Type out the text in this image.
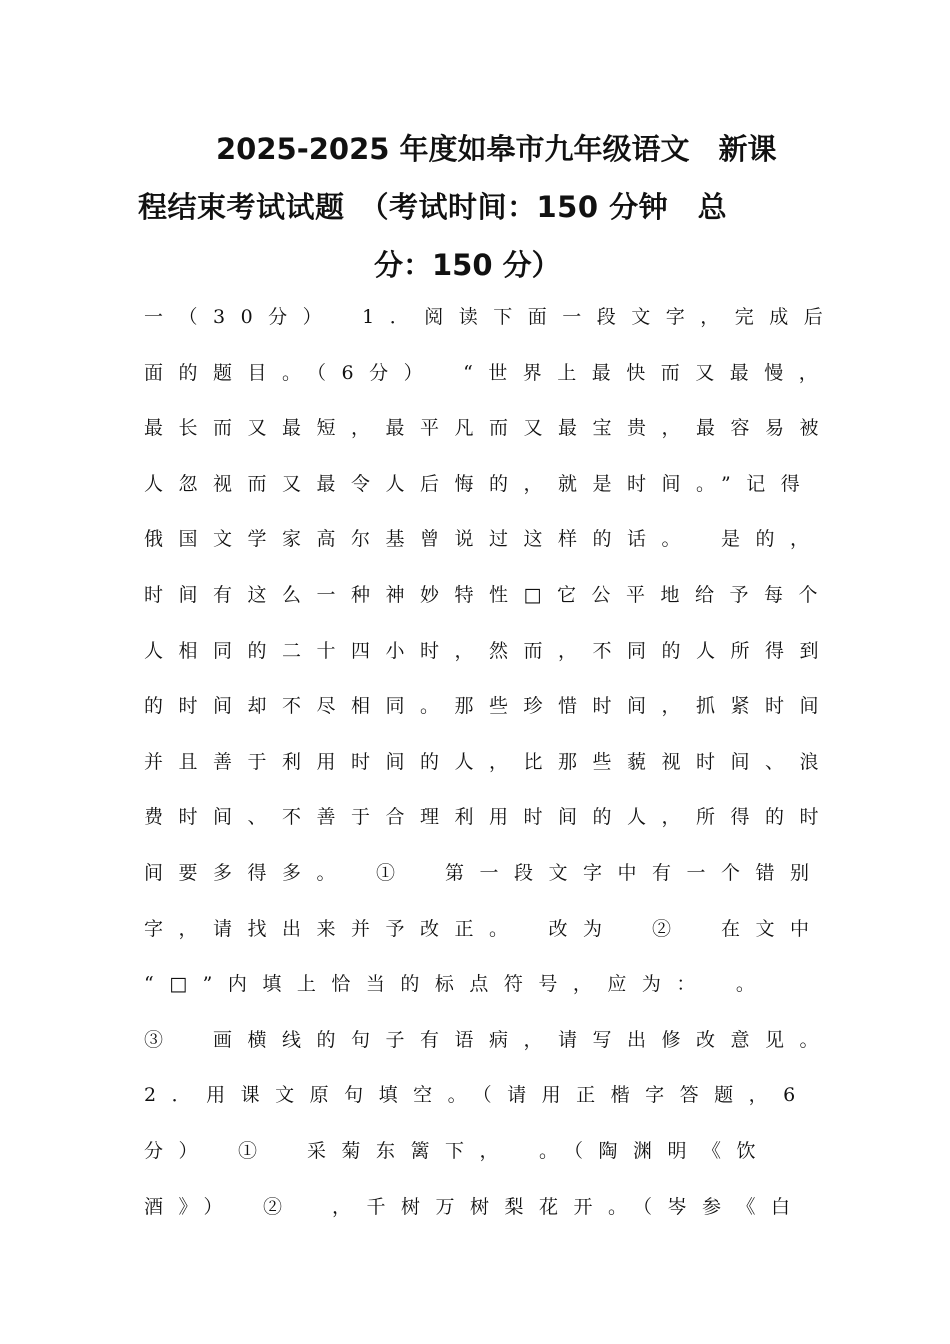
2025-2025 年度如皋市九年级语文　新课
程结束考试试题　（考试时间：150 分钟　总
分：150 分）
一（30分）　1．阅读下面一段文字，完成后
面的题目。（6分）　“世界上最快而又最慢，
最长而又最短，最平凡而又最宝贵，最容易被
人忽视而又最令人后悔的，就是时间。”记得
俄国文学家高尔基曾说过这样的话。　是的，
时间有这么一种神妙特性□它公平地给予每个
人相同的二十四小时，然而，不同的人所得到
的时间却不尽相同。那些珍惜时间，抓紧时间
并且善于利用时间的人，比那些藐视时间、浪
费时间、不善于合理利用时间的人，所得的时
间要多得多。　①　第一段文字中有一个错别
字，请找出来并予改正。　改为　②　在文中
“□”内填上恰当的标点符号，应为：　。
③　画横线的句子有语病，请写出修改意见。
2．用课文原句填空。（请用正楷字答题，6
分）　①　采菊东篱下，　。（陶渊明《饮
酒》）　②　，千树万树梨花开。（岑参《白
